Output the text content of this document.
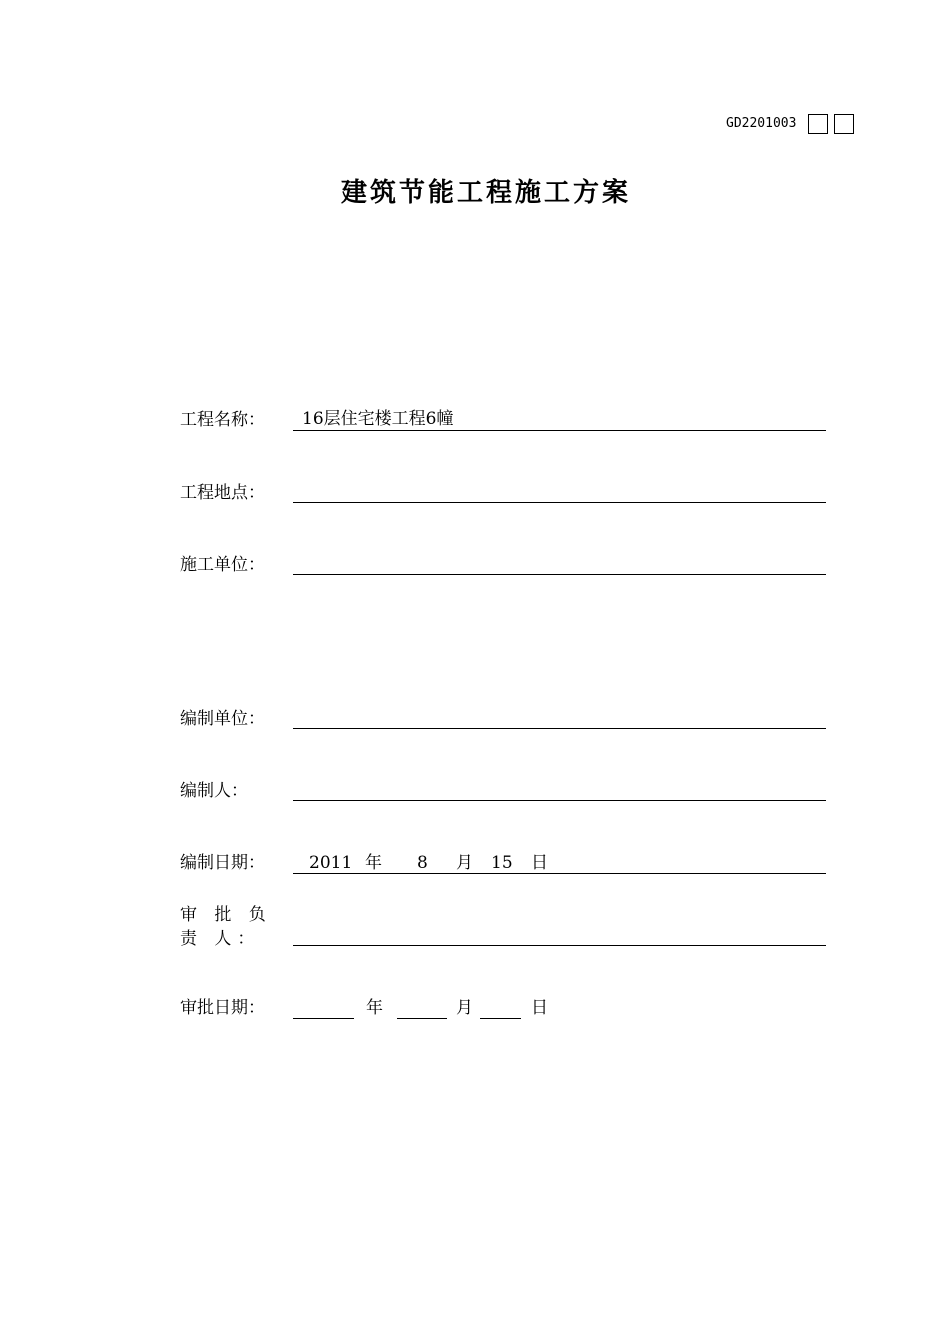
GD2201003
建筑节能工程施工方案
工程名称： 16层住宅楼工程6幢
工程地点：
施工单位：
编制单位：
编制人：
编制日期：	2011 年 8 月 15 日
审 批 负 责 人：
审批日期：	年	月	日
